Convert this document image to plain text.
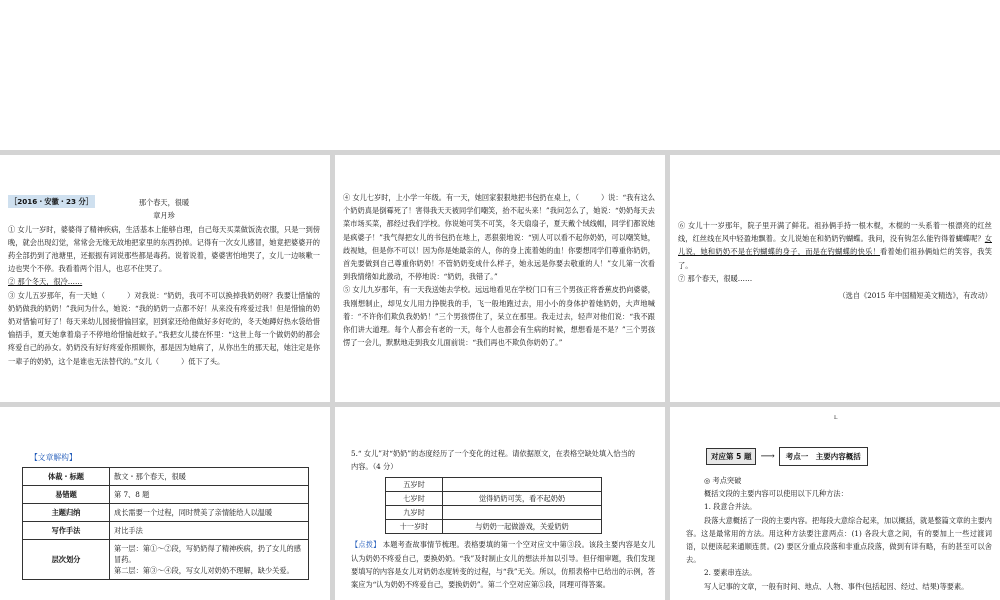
［2016・安徽・23 分］	那个春天，很暖

章月珍

① 女儿一岁时，婆婆得了精神疾病，生活基本上能够自理，自己每天买菜做饭洗衣服，只是一到傍晚，就会出现幻觉，常常会无缘无故地把家里的东西扔掉。记得有一次女儿感冒，她竟把婆婆开的药全部扔到了池塘里，还振振有词说那些都是毒药。说着说着，婆婆害怕地哭了，女儿一边咳嗽一边也哭个不停。我看着两个泪人，也忍不住哭了。

② 那个冬天，很冷……

③ 女儿五岁那年，有一天她（	）对我说：“奶奶，我可不可以换掉我奶奶呀？我要让惜愉的奶奶做我的奶奶！”我问为什么，她说：“我的奶奶一点都不好！从来没有疼爱过我！但是惜愉的奶奶对惜愉可好了！每天来幼儿园接惜愉回家，回到家还给他做好多好吃的，冬天她蹲好热水袋给惜愉捂手，夏天她拿着扇子不停地给惜愉赶蚊子。”我把女儿搂在怀里：“这世上每一个做奶奶的都会疼爱自己的孙女。奶奶没有好好疼爱你照顾你，那是因为她病了，从你出生的那天起，她注定是你一辈子的奶奶，这个是谁也无法替代的。”女儿（	）低下了头。

④ 女儿七岁时，上小学一年级。有一天，她回家狠狠地把书包扔在桌上，（	）说：“我有这么个奶奶真是倒霉死了！害得我天天被同学们嘲笑，抬不起头来！”我问怎么了，她说：“奶奶每天去菜市场买菜，都经过我们学校。你说她可笑不可笑，冬天扇扇子，夏天戴个绒线帽，同学们都说她是疯婆子！”我气得把女儿的书包扔在地上，恶狠狠地说：“别人可以看不起你奶奶，可以嘲笑她，歧视她，但是你不可以！因为你是她最亲的人，你的身上流着她的血！你要想同学们尊重你奶奶，首先要做到自己尊重你奶奶！不管奶奶变成什么样子，她永远是你要去敬重的人！”女儿第一次看到我情绪如此激动，不停地说：“奶奶，我错了。”

⑤ 女儿九岁那年，有一天我送她去学校。远远地看见在学校门口有三个男孩正将香蕉皮扔向婆婆，我刚想制止，却见女儿用力挣脱我的手，飞一般地跑过去，用小小的身体护着她奶奶，大声地喊着：“不许你们欺负我奶奶！”三个男孩愣住了，呆立在那里。我走过去，轻声对他们说：“我不跟你们讲大道理。每个人都会有老的一天，每个人也都会有生病的时候，想想看是不是？”三个男孩愣了一会儿，默默地走到我女儿面前说：“我们再也不欺负你奶奶了。”

⑥ 女儿十一岁那年，院子里开满了鲜花。祖孙俩手持一根木棍，木棍的一头系着一根漂亮的红丝线，红丝线在风中轻盈地飘着。女儿说她在和奶奶钓蝴蝶。我问，没有钩怎么能钓得着蝴蝶呢？女儿说，她和奶奶不是在钓蝴蝶的身子，而是在钓蝴蝶的快乐！看着她们祖孙俩灿烂的笑容，我笑了。

⑦ 那个春天，很暖……

（选自《2015 年中国精短美文精选》，有改动）

【文章解构】
体裁・标题	散文・那个春天，很暖
易错题	第 7、8 题
主题归纳	成长需要一个过程，同时赞美了亲情能给人以温暖
写作手法	对比手法
层次划分	第一层：第①～②段，写奶奶得了精神疾病，扔了女儿的感冒药。
第二层：第③～④段，写女儿对奶奶不理解，缺少关爱。

5.“ 女儿”对“奶奶”的态度经历了一个变化的过程。请依据原文，在表格空缺处填入恰当的内容。（4 分）

五岁时	
七岁时	觉得奶奶可笑，看不起奶奶
九岁时	
十一岁时	与奶奶一起做游戏，关爱奶奶

【点拨】 本题考查故事情节梳理。表格要填的第一个空对应文中第③段。该段主要内容是女儿认为奶奶不疼爱自己，要换奶奶。“我”及时制止女儿的想法并加以引导。但仔细审题，我们发现要填写的内容是女儿对奶奶态度转变的过程，与“我”无关。所以，仿照表格中已给出的示例，答案应为“认为奶奶不疼爱自己，要换奶奶”。第二个空对应第⑤段，同理可得答案。

L
对应第 5 题 ⟶	考点一　主要内容概括

◎ 考点突破

概括文段的主要内容可以使用以下几种方法：

1. 段意合并法。

段落大意概括了一段的主要内容。把每段大意综合起来，加以概括，就是整篇文章的主要内容。这是最常用的方法。用这种方法要注意两点：(1) 各段大意之间，有的要加上一些过渡词语，以便读起来通顺连贯。(2) 要区分重点段落和非重点段落，做到有详有略，有的甚至可以舍去。

2. 要素串连法。

写人记事的文章，一般有时间、地点、人物、事件(包括起因、经过、结果)等要素。
